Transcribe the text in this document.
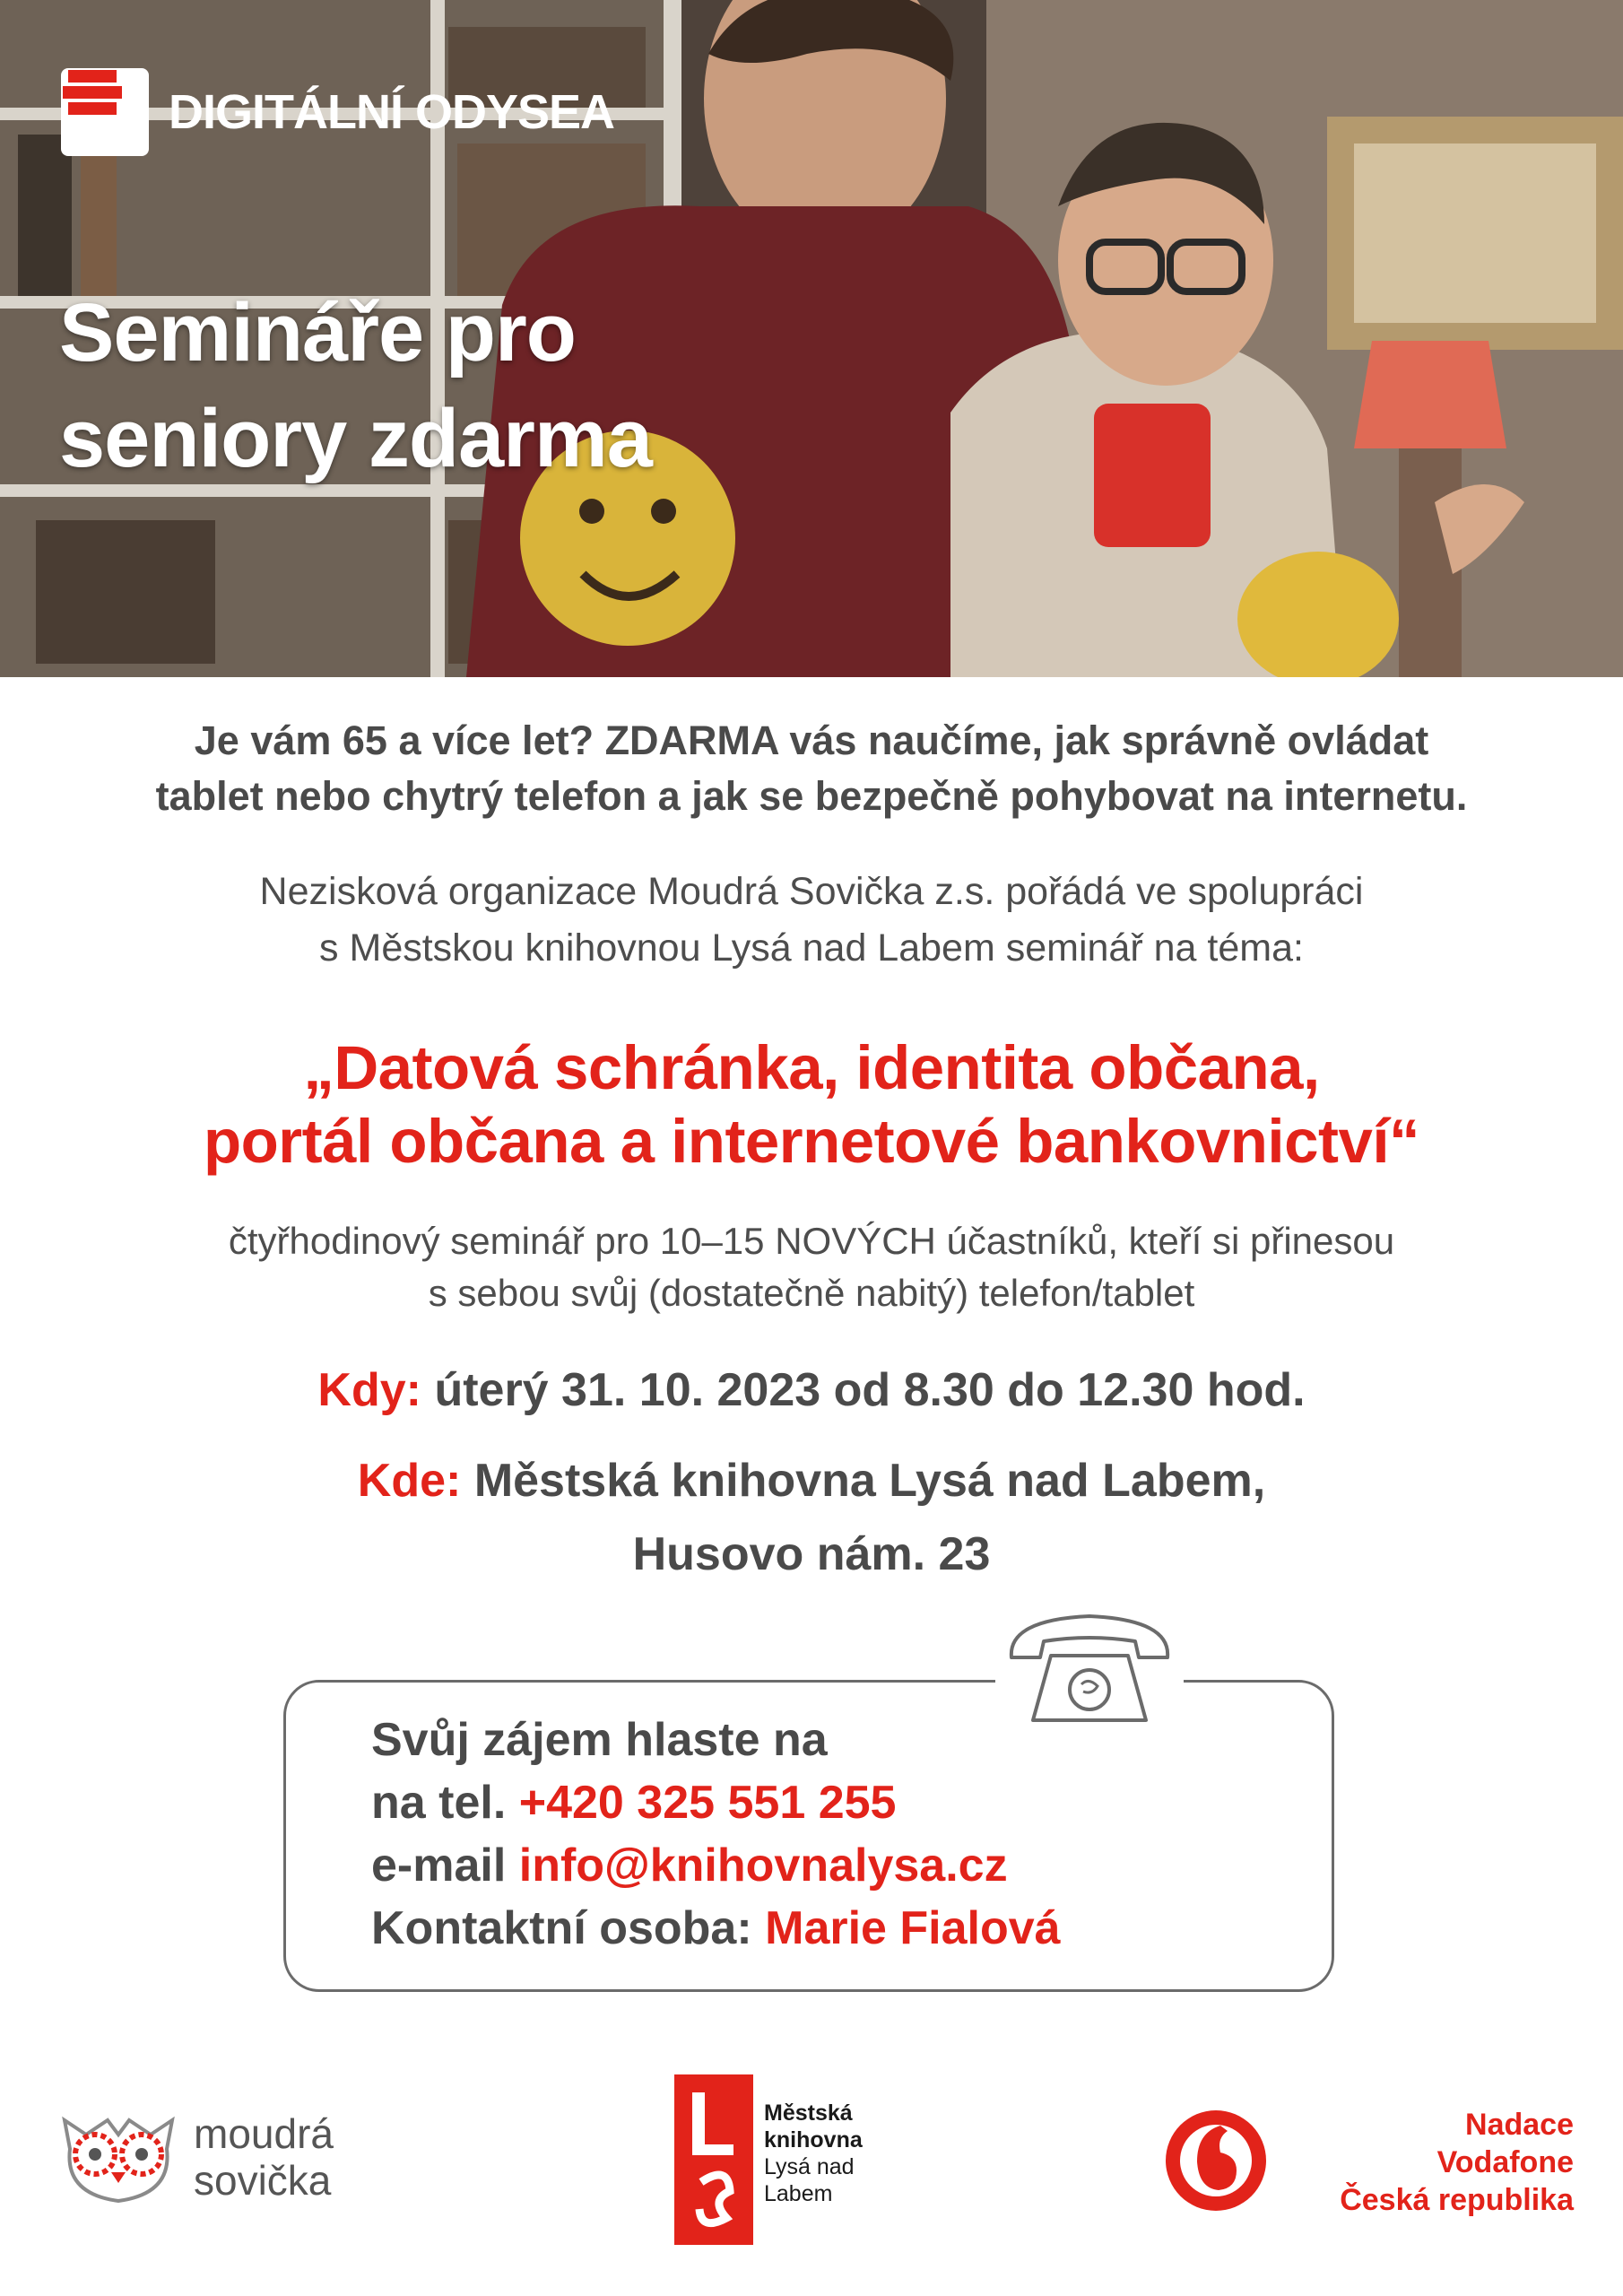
DIGITÁLNÍ ODYSEA
Semináře pro
seniory zdarma
Je vám 65 a více let? ZDARMA vás naučíme, jak správně ovládat
tablet nebo chytrý telefon a jak se bezpečně pohybovat na internetu.
Nezisková organizace Moudrá Sovička z.s. pořádá ve spolupráci
s Městskou knihovnou Lysá nad Labem seminář na téma:
„Datová schránka, identita občana,
portál občana a internetové bankovnictví“
čtyřhodinový seminář pro 10–15 NOVÝCH účastníků, kteří si přinesou
s sebou svůj (dostatečně nabitý) telefon/tablet
Kdy: úterý 31. 10. 2023 od 8.30 do 12.30 hod.
Kde: Městská knihovna Lysá nad Labem,
Husovo nám. 23
Svůj zájem hlaste na
na tel. +420 325 551 255
e-mail info@knihovnalysa.cz
Kontaktní osoba: Marie Fialová
moudrá
sovička
Městská
knihovna
Lysá nad
Labem
Nadace
Vodafone
Česká republika
